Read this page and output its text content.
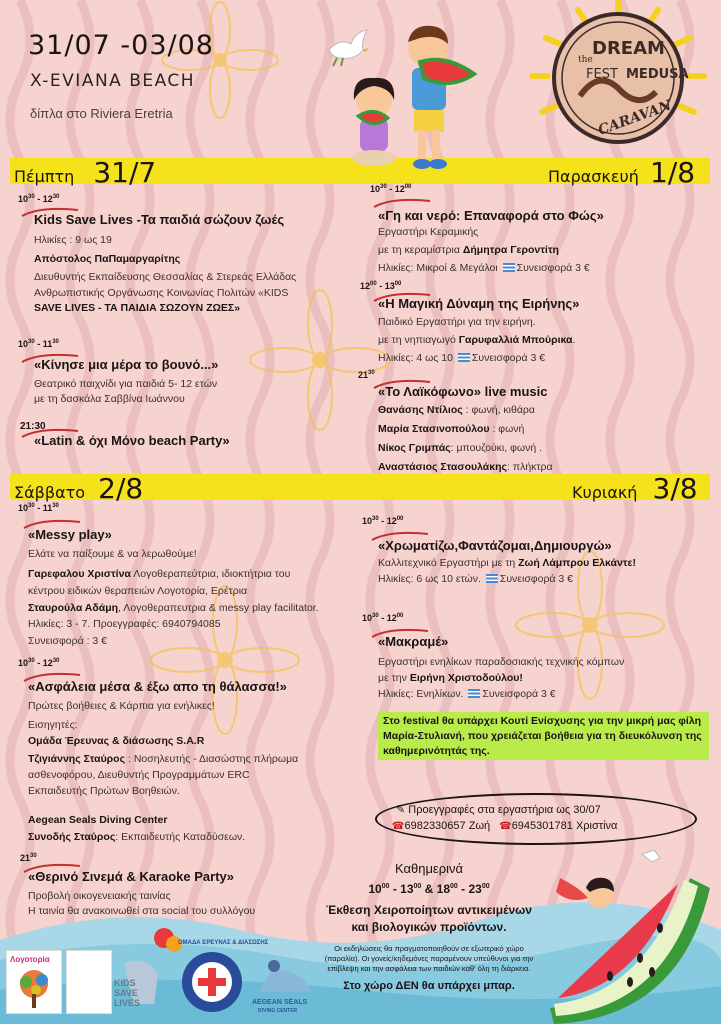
31/07 -03/08
X-EVIANA BEACH
δίπλα στο Riviera Eretria
the
DREAM
FEST MEDUSA
CARAVAN
Πέμπτη 31/7	Παρασκευή 1/8
$10^{30} - 12^{30}$
Kids Save Lives -Τα παιδιά σώζουν ζωές
Ηλικίες : 9 ως 19
Απόστολος ΠαΠαμαργαρίτης
Διευθυντής Εκπαίδευσης Θεσσαλίας & Στερεάς Ελλάδας
Ανθρωπιστικής Οργάνωσης Κοινωνίας Πολιτών «KIDS
SAVE LIVES - ΤΑ ΠΑΙΔΙΑ ΣΩΖΟΥΝ ΖΩΕΣ»
$10^{30} - 11^{30}$
«Κίνησε μια μέρα το βουνό...»
Θεατρικό παιχνίδι για παιδιά 5- 12 ετών
με τη δασκάλα Σαββίνα Ιωάννου
21:30
«Latin & όχι Μόνο beach Party»
$10^{30} - 12^{00}$
«Γη και νερό: Επαναφορά στο Φώς»
Εργαστήρι Κεραμικής
με τη κεραμίστρια Δήμητρα Γεροντίτη
Ηλικίες: Μικροί & Μεγάλοι Συνεισφορά 3 €
$12^{00} - 13^{00}$
«Η Μαγική Δύναμη της Ειρήνης»
Παιδικό Εργαστήρι για την ειρήνη.
με τη νηπιαγωγό Γαρυφαλλιά Μπούρικα.
Ηλικίες: 4 ως 10 Συνεισφορά 3 €
$21^{30}$
«Το Λαϊκόφωνο» live music
Θανάσης Ντίλιος : φωνή, κιθάρα
Μαρία Στασινοπούλου : φωνή
Νίκος Γριμπάς: μπουζούκι, φωνή .
Αναστάσιος Στασουλάκης: πλήκτρα
Σάββατο 2/8	Κυριακή 3/8
$10^{30} - 11^{30}$
«Messy play»
Ελάτε να παίξουμε & να λερωθούμε!
Γαρεφαλου Χριστίνα Λογοθεραπεύτρια, ιδιοκτήτρια του
κέντρου ειδικών θεραπειών Λογοτορία, Ερέτρια
Σταυρούλα Αδάμη, Λογοθεραπευτρια & messy play facilitator.
Ηλικίες: 3 - 7. Προεγγραφές: 6940794085
Συνεισφορά : 3 €
$10^{30} - 12^{30}$
«Ασφάλεια μέσα & έξω απο τη θάλασσα!»
Πρώτες βοήθειες & Κάρπια για ενήλικες!
Εισηγητές:
Ομάδα Έρευνας & διάσωσης S.A.R
Τζιγιάννης Σταύρος : Νοσηλευτής - Διασώστης πλήρωμα
ασθενοφόρου, Διευθυντής Προγραμμάτων ERC
Εκπαιδευτής Πρώτων Βοηθειών.
Aegean Seals Diving Center
Συνοδής Σταύρος: Εκπαιδευτής Καταδύσεων.
$21^{30}$
«Θερινό Σινεμά & Karaoke Party»
Προβολή οικογενειακής ταινίας
Η ταινία θα ανακοινωθεί στα social του συλλόγου
$10^{30} - 12^{00}$
«Χρωματίζω,Φαντάζομαι,Δημιουργώ»
Καλλιτεχνικό Εργαστήρι με τη Ζωή Λάμπρου Ελκάντε!
Ηλικίες: 6 ως 10 ετών. Συνεισφορά 3 €
$10^{30} - 12^{00}$
«Μακραμέ»
Εργαστήρι ενηλίκων παραδοσιακής τεχνικής κόμπων
με την Ειρήνη Χριστοδούλου!
Ηλικίες: Ενηλίκων. Συνεισφορά 3 €
Στο festival θα υπάρχει Κουτί Ενίσχυσης για την μικρή μας φίλη Μαρία-Στυλιανή, που χρειάζεται βοήθεια για τη διευκόλυνση της καθημερινότητάς της.
✎ Προεγγραφές στα εργαστήρια ως 30/07
☎6982330657 Ζωή ☎6945301781 Χριστίνα
Καθημερινά
$10^{00} - 13^{00}$ & $18^{00} - 23^{00}$
Έκθεση Χειροποίητων αντικειμένων
και βιολογικών προϊόντων.
Οι εκδηλώσεις θα πραγματοποιηθούν σε εξωτερικό χώρο
(παραλία). Οι γονείς/κηδεμόνες παραμένουν υπεύθυνοι για την
επίβλεψη και την ασφάλεια των παιδιών καθ' όλη τη διάρκεια.
Στο χώρο ΔΕΝ θα υπάρχει μπαρ.
Λογοτορία
KIDS SAVE LIVES
ΟΜΑΔΑ ΕΡΕΥΝΑΣ & ΔΙΑΣΩΣΗΣ
AEGEAN SEALS
DIVING CENTER
